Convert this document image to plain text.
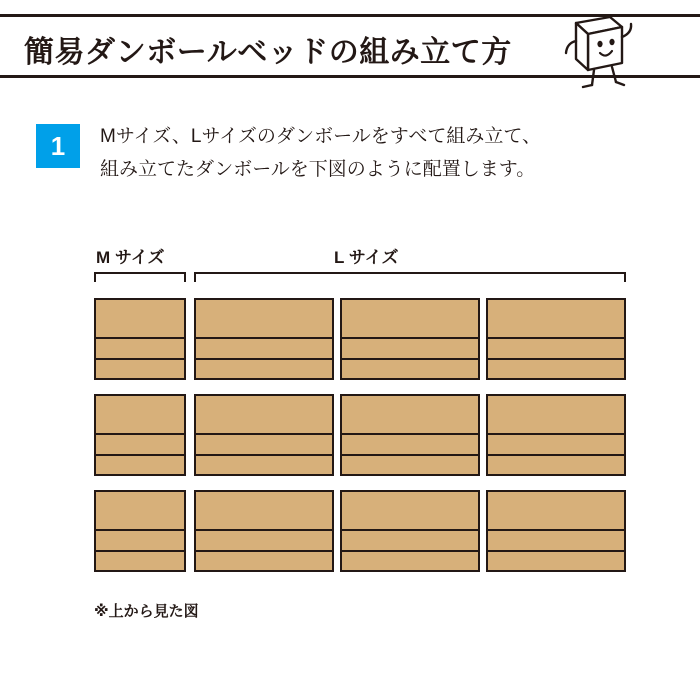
簡易ダンボールベッドの組み立て方
1	Mサイズ、Lサイズのダンボールをすべて組み立て、
組み立てたダンボールを下図のように配置します。
M サイズ	L サイズ
※上から見た図
